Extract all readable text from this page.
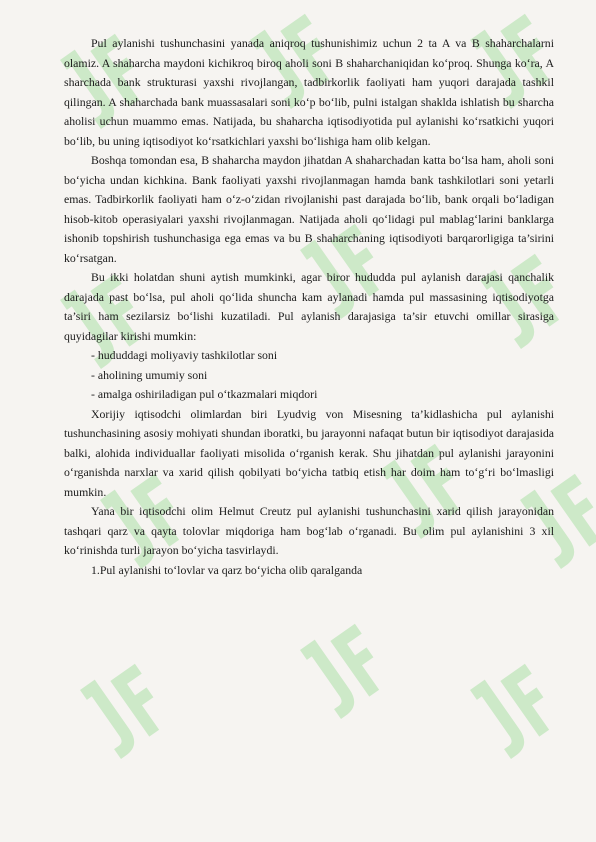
Pul aylanishi tushunchasini yanada aniqroq tushunishimiz uchun 2 ta A va B shaharchalarni olamiz. A shaharcha maydoni kichikroq biroq aholi soni B shaharchaniqidan ko‘proq. Shunga ko‘ra, A sharchada bank strukturasi yaxshi rivojlangan, tadbirkorlik faoliyati ham yuqori darajada tashkil qilingan. A shaharchada bank muassasalari soni ko‘p bo‘lib, pulni istalgan shaklda ishlatish bu sharcha aholisi uchun muammo emas. Natijada, bu shaharcha iqtisodiyotida pul aylanishi ko‘rsatkichi yuqori bo‘lib, bu uning iqtisodiyot ko‘rsatkichlari yaxshi bo‘lishiga ham olib kelgan.

Boshqa tomondan esa, B shaharcha maydon jihatdan A shaharchadan katta bo‘lsa ham, aholi soni bo‘yicha undan kichkina. Bank faoliyati yaxshi rivojlanmagan hamda bank tashkilotlari soni yetarli emas. Tadbirkorlik faoliyati ham o‘z-o‘zidan rivojlanishi past darajada bo‘lib, bank orqali bo‘ladigan hisob-kitob operasiyalari yaxshi rivojlanmagan. Natijada aholi qo‘lidagi pul mablag‘larini banklarga ishonib topshirish tushunchasiga ega emas va bu B shaharchaning iqtisodiyoti barqarorligiga ta’sirini ko‘rsatgan.

Bu ikki holatdan shuni aytish mumkinki, agar biror hududda pul aylanish darajasi qanchalik darajada past bo‘lsa, pul aholi qo‘lida shuncha kam aylanadi hamda pul massasining iqtisodiyotga ta’siri ham sezilarsiz bo‘lishi kuzatiladi. Pul aylanish darajasiga ta’sir etuvchi omillar sirasiga quyidagilar kirishi mumkin:

- hududdagi moliyaviy tashkilotlar soni

- aholining umumiy soni

- amalga oshiriladigan pul o‘tkazmalari miqdori

Xorijiy iqtisodchi olimlardan biri Lyudvig von Misesning ta’kidlashicha pul aylanishi tushunchasining asosiy mohiyati shundan iboratki, bu jarayonni nafaqat butun bir iqtisodiyot darajasida balki, alohida individuallar faoliyati misolida o‘rganish kerak. Shu jihatdan pul aylanishi jarayonini o‘rganishda narxlar va xarid qilish qobilyati bo‘yicha tatbiq etish har doim ham to‘g‘ri bo‘lmasligi mumkin.

Yana bir iqtisodchi olim Helmut Creutz pul aylanishi tushunchasini xarid qilish jarayonidan tashqari qarz va qayta tolovlar miqdoriga ham bog‘lab o‘rganadi. Bu olim pul aylanishini 3 xil ko‘rinishda turli jarayon bo‘yicha tasvirlaydi.

1.Pul aylanishi to‘lovlar va qarz bo‘yicha olib qaralganda
